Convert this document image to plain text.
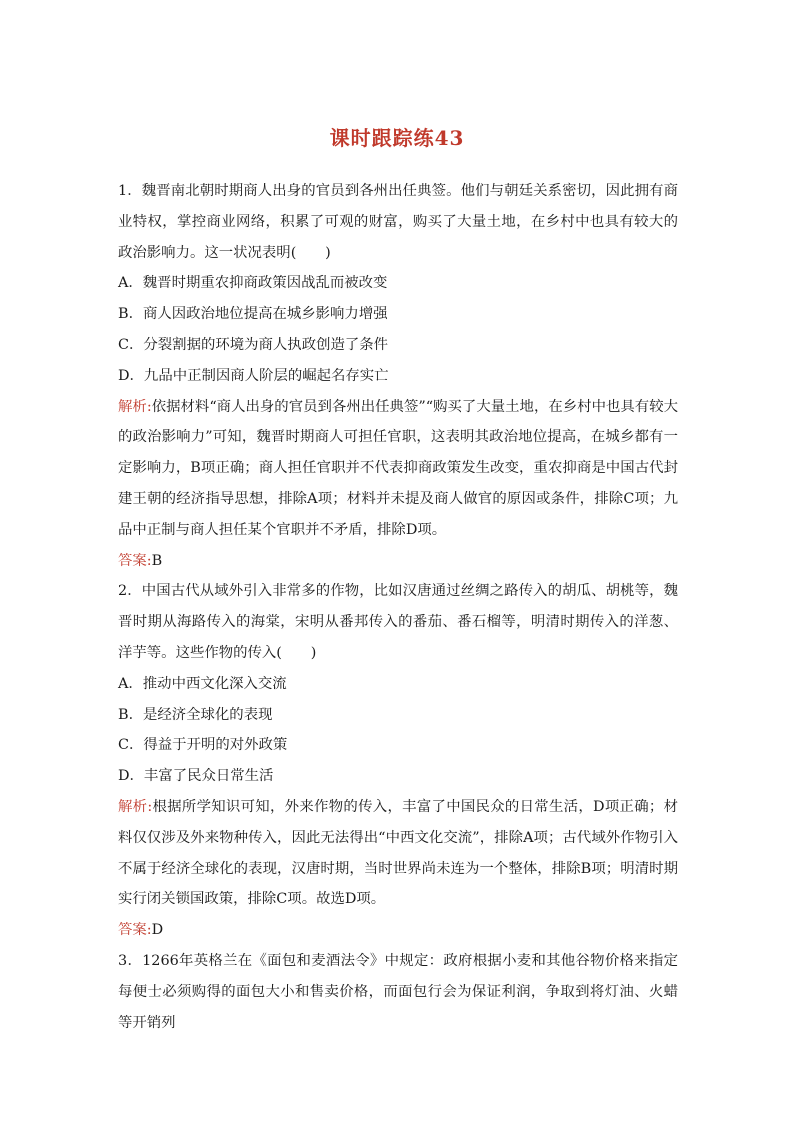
课时跟踪练43

1．魏晋南北朝时期商人出身的官员到各州出任典签。他们与朝廷关系密切，因此拥有商业特权，掌控商业网络，积累了可观的财富，购买了大量土地，在乡村中也具有较大的政治影响力。这一状况表明(　　)

A．魏晋时期重农抑商政策因战乱而被改变

B．商人因政治地位提高在城乡影响力增强

C．分裂割据的环境为商人执政创造了条件

D．九品中正制因商人阶层的崛起名存实亡

解析:依据材料“商人出身的官员到各州出任典签”“购买了大量土地，在乡村中也具有较大的政治影响力”可知，魏晋时期商人可担任官职，这表明其政治地位提高，在城乡都有一定影响力，B项正确；商人担任官职并不代表抑商政策发生改变，重农抑商是中国古代封建王朝的经济指导思想，排除A项；材料并未提及商人做官的原因或条件，排除C项；九品中正制与商人担任某个官职并不矛盾，排除D项。

答案:B

2．中国古代从域外引入非常多的作物，比如汉唐通过丝绸之路传入的胡瓜、胡桃等，魏晋时期从海路传入的海棠，宋明从番邦传入的番茄、番石榴等，明清时期传入的洋葱、洋芋等。这些作物的传入(　　)

A．推动中西文化深入交流

B．是经济全球化的表现

C．得益于开明的对外政策

D．丰富了民众日常生活

解析:根据所学知识可知，外来作物的传入，丰富了中国民众的日常生活，D项正确；材料仅仅涉及外来物种传入，因此无法得出“中西文化交流”，排除A项；古代域外作物引入不属于经济全球化的表现，汉唐时期，当时世界尚未连为一个整体，排除B项；明清时期实行闭关锁国政策，排除C项。故选D项。

答案:D

3．1266年英格兰在《面包和麦酒法令》中规定：政府根据小麦和其他谷物价格来指定每便士必须购得的面包大小和售卖价格，而面包行会为保证利润，争取到将灯油、火蜡等开销列
